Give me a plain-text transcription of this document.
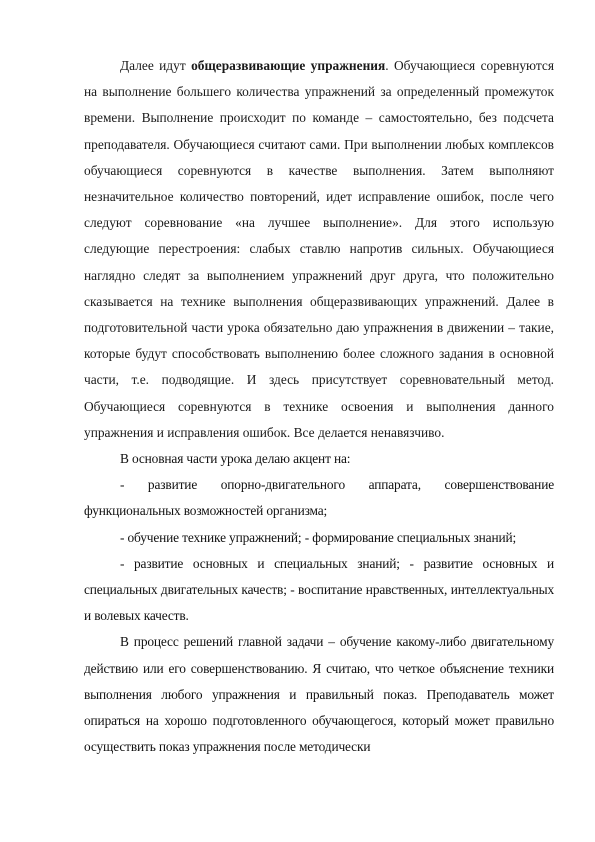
Далее идут общеразвивающие упражнения. Обучающиеся соревнуются на выполнение большего количества упражнений за определенный промежуток времени. Выполнение происходит по команде – самостоятельно, без подсчета преподавателя. Обучающиеся считают сами. При выполнении любых комплексов обучающиеся соревнуются в качестве выполнения. Затем выполняют незначительное количество повторений, идет исправление ошибок, после чего следуют соревнование «на лучшее выполнение». Для этого использую следующие перестроения: слабых ставлю напротив сильных. Обучающиеся наглядно следят за выполнением упражнений друг друга, что положительно сказывается на технике выполнения общеразвивающих упражнений. Далее в подготовительной части урока обязательно даю упражнения в движении – такие, которые будут способствовать выполнению более сложного задания в основной части, т.е. подводящие. И здесь присутствует соревновательный метод. Обучающиеся соревнуются в технике освоения и выполнения данного упражнения и исправления ошибок. Все делается ненавязчиво.

В основная части урока делаю акцент на:

- развитие опорно-двигательного аппарата, совершенствование функциональных возможностей организма;

- обучение технике упражнений; - формирование специальных знаний;

- развитие основных и специальных знаний; - развитие основных и специальных двигательных качеств; - воспитание нравственных, интеллектуальных и волевых качеств.

В процесс решений главной задачи – обучение какому-либо двигательному действию или его совершенствованию. Я считаю, что четкое объяснение техники выполнения любого упражнения и правильный показ. Преподаватель может опираться на хорошо подготовленного обучающегося, который может правильно осуществить показ упражнения после методически
